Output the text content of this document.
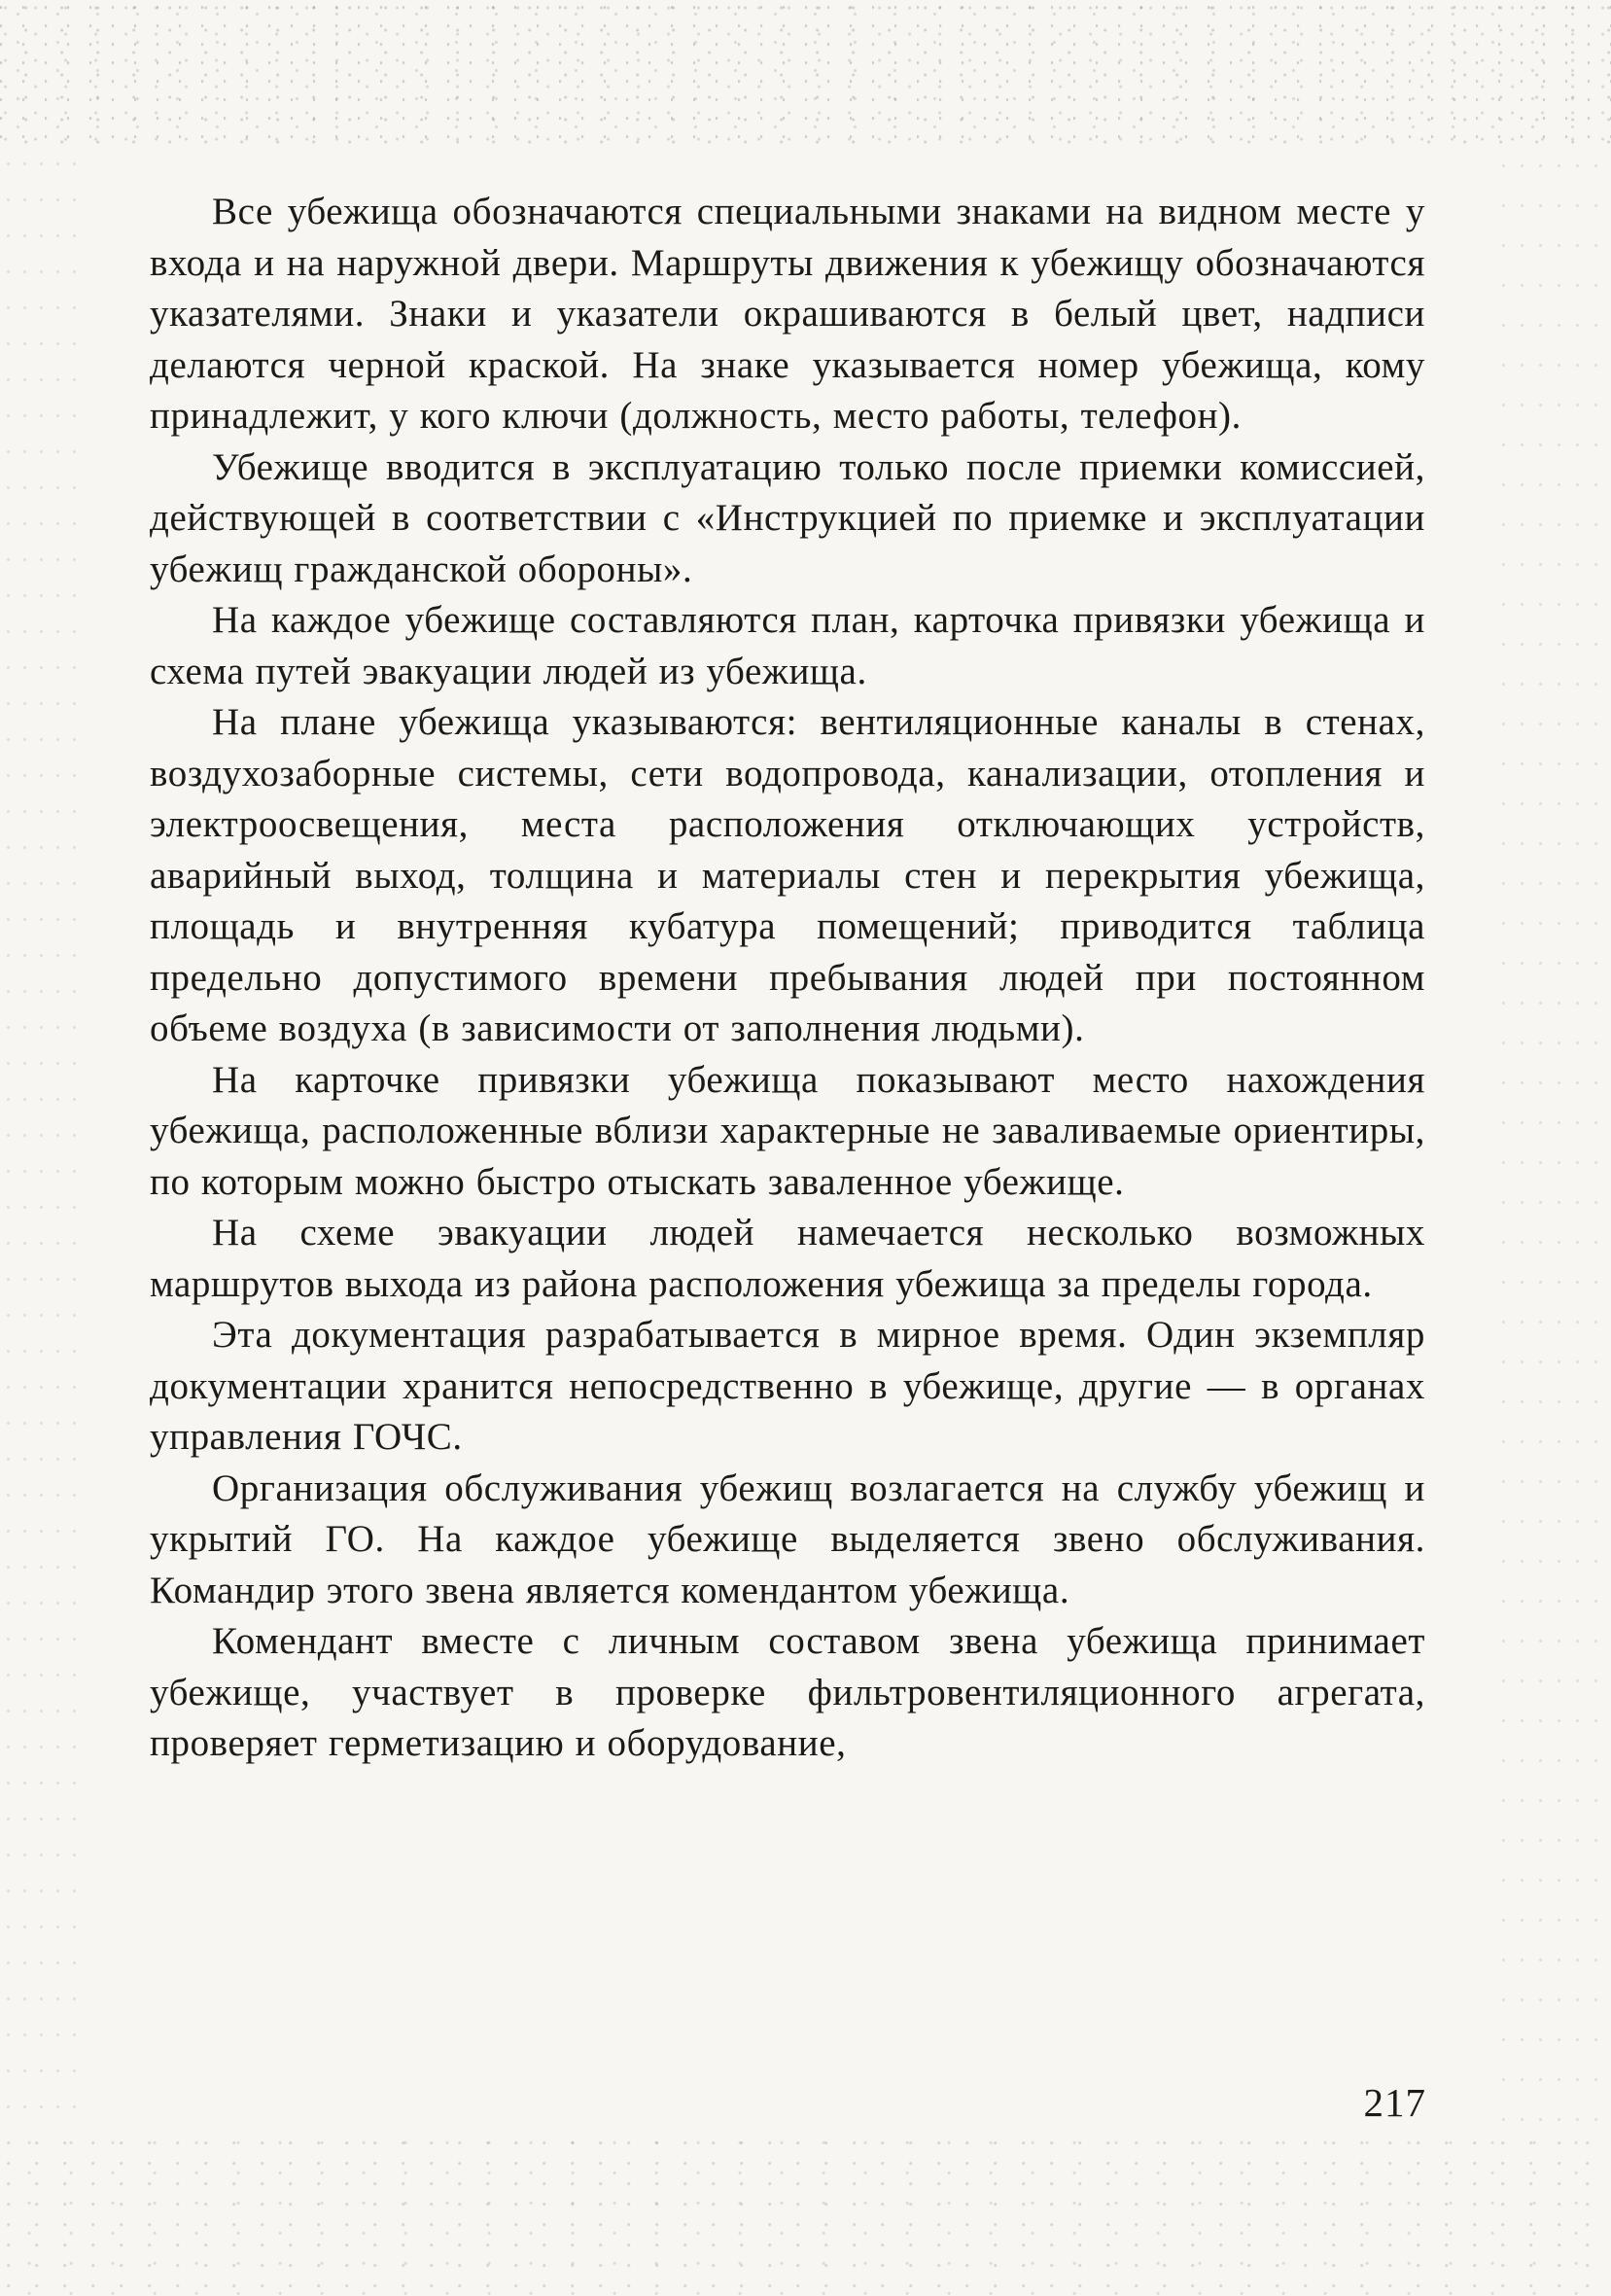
Все убежища обозначаются специальными знаками на видном месте у входа и на наружной двери. Маршруты движения к убежищу обозначаются указателями. Знаки и указатели окрашиваются в белый цвет, надписи делаются черной краской. На знаке указывается номер убежища, кому принадлежит, у кого ключи (должность, место работы, телефон).

Убежище вводится в эксплуатацию только после приемки комиссией, действующей в соответствии с «Инструкцией по приемке и эксплуатации убежищ гражданской обороны».

На каждое убежище составляются план, карточка привязки убежища и схема путей эвакуации людей из убежища.

На плане убежища указываются: вентиляционные каналы в стенах, воздухозаборные системы, сети водопровода, канализации, отопления и электроосвещения, места расположения отключающих устройств, аварийный выход, толщина и материалы стен и перекрытия убежища, площадь и внутренняя кубатура помещений; приводится таблица предельно допустимого времени пребывания людей при постоянном объеме воздуха (в зависимости от заполнения людьми).

На карточке привязки убежища показывают место нахождения убежища, расположенные вблизи характерные не заваливаемые ориентиры, по которым можно быстро отыскать заваленное убежище.

На схеме эвакуации людей намечается несколько возможных маршрутов выхода из района расположения убежища за пределы города.

Эта документация разрабатывается в мирное время. Один экземпляр документации хранится непосредственно в убежище, другие — в органах управления ГОЧС.

Организация обслуживания убежищ возлагается на службу убежищ и укрытий ГО. На каждое убежище выделяется звено обслуживания. Командир этого звена является комендантом убежища.

Комендант вместе с личным составом звена убежища принимает убежище, участвует в проверке фильтровентиляционного агрегата, проверяет герметизацию и оборудование,

217
